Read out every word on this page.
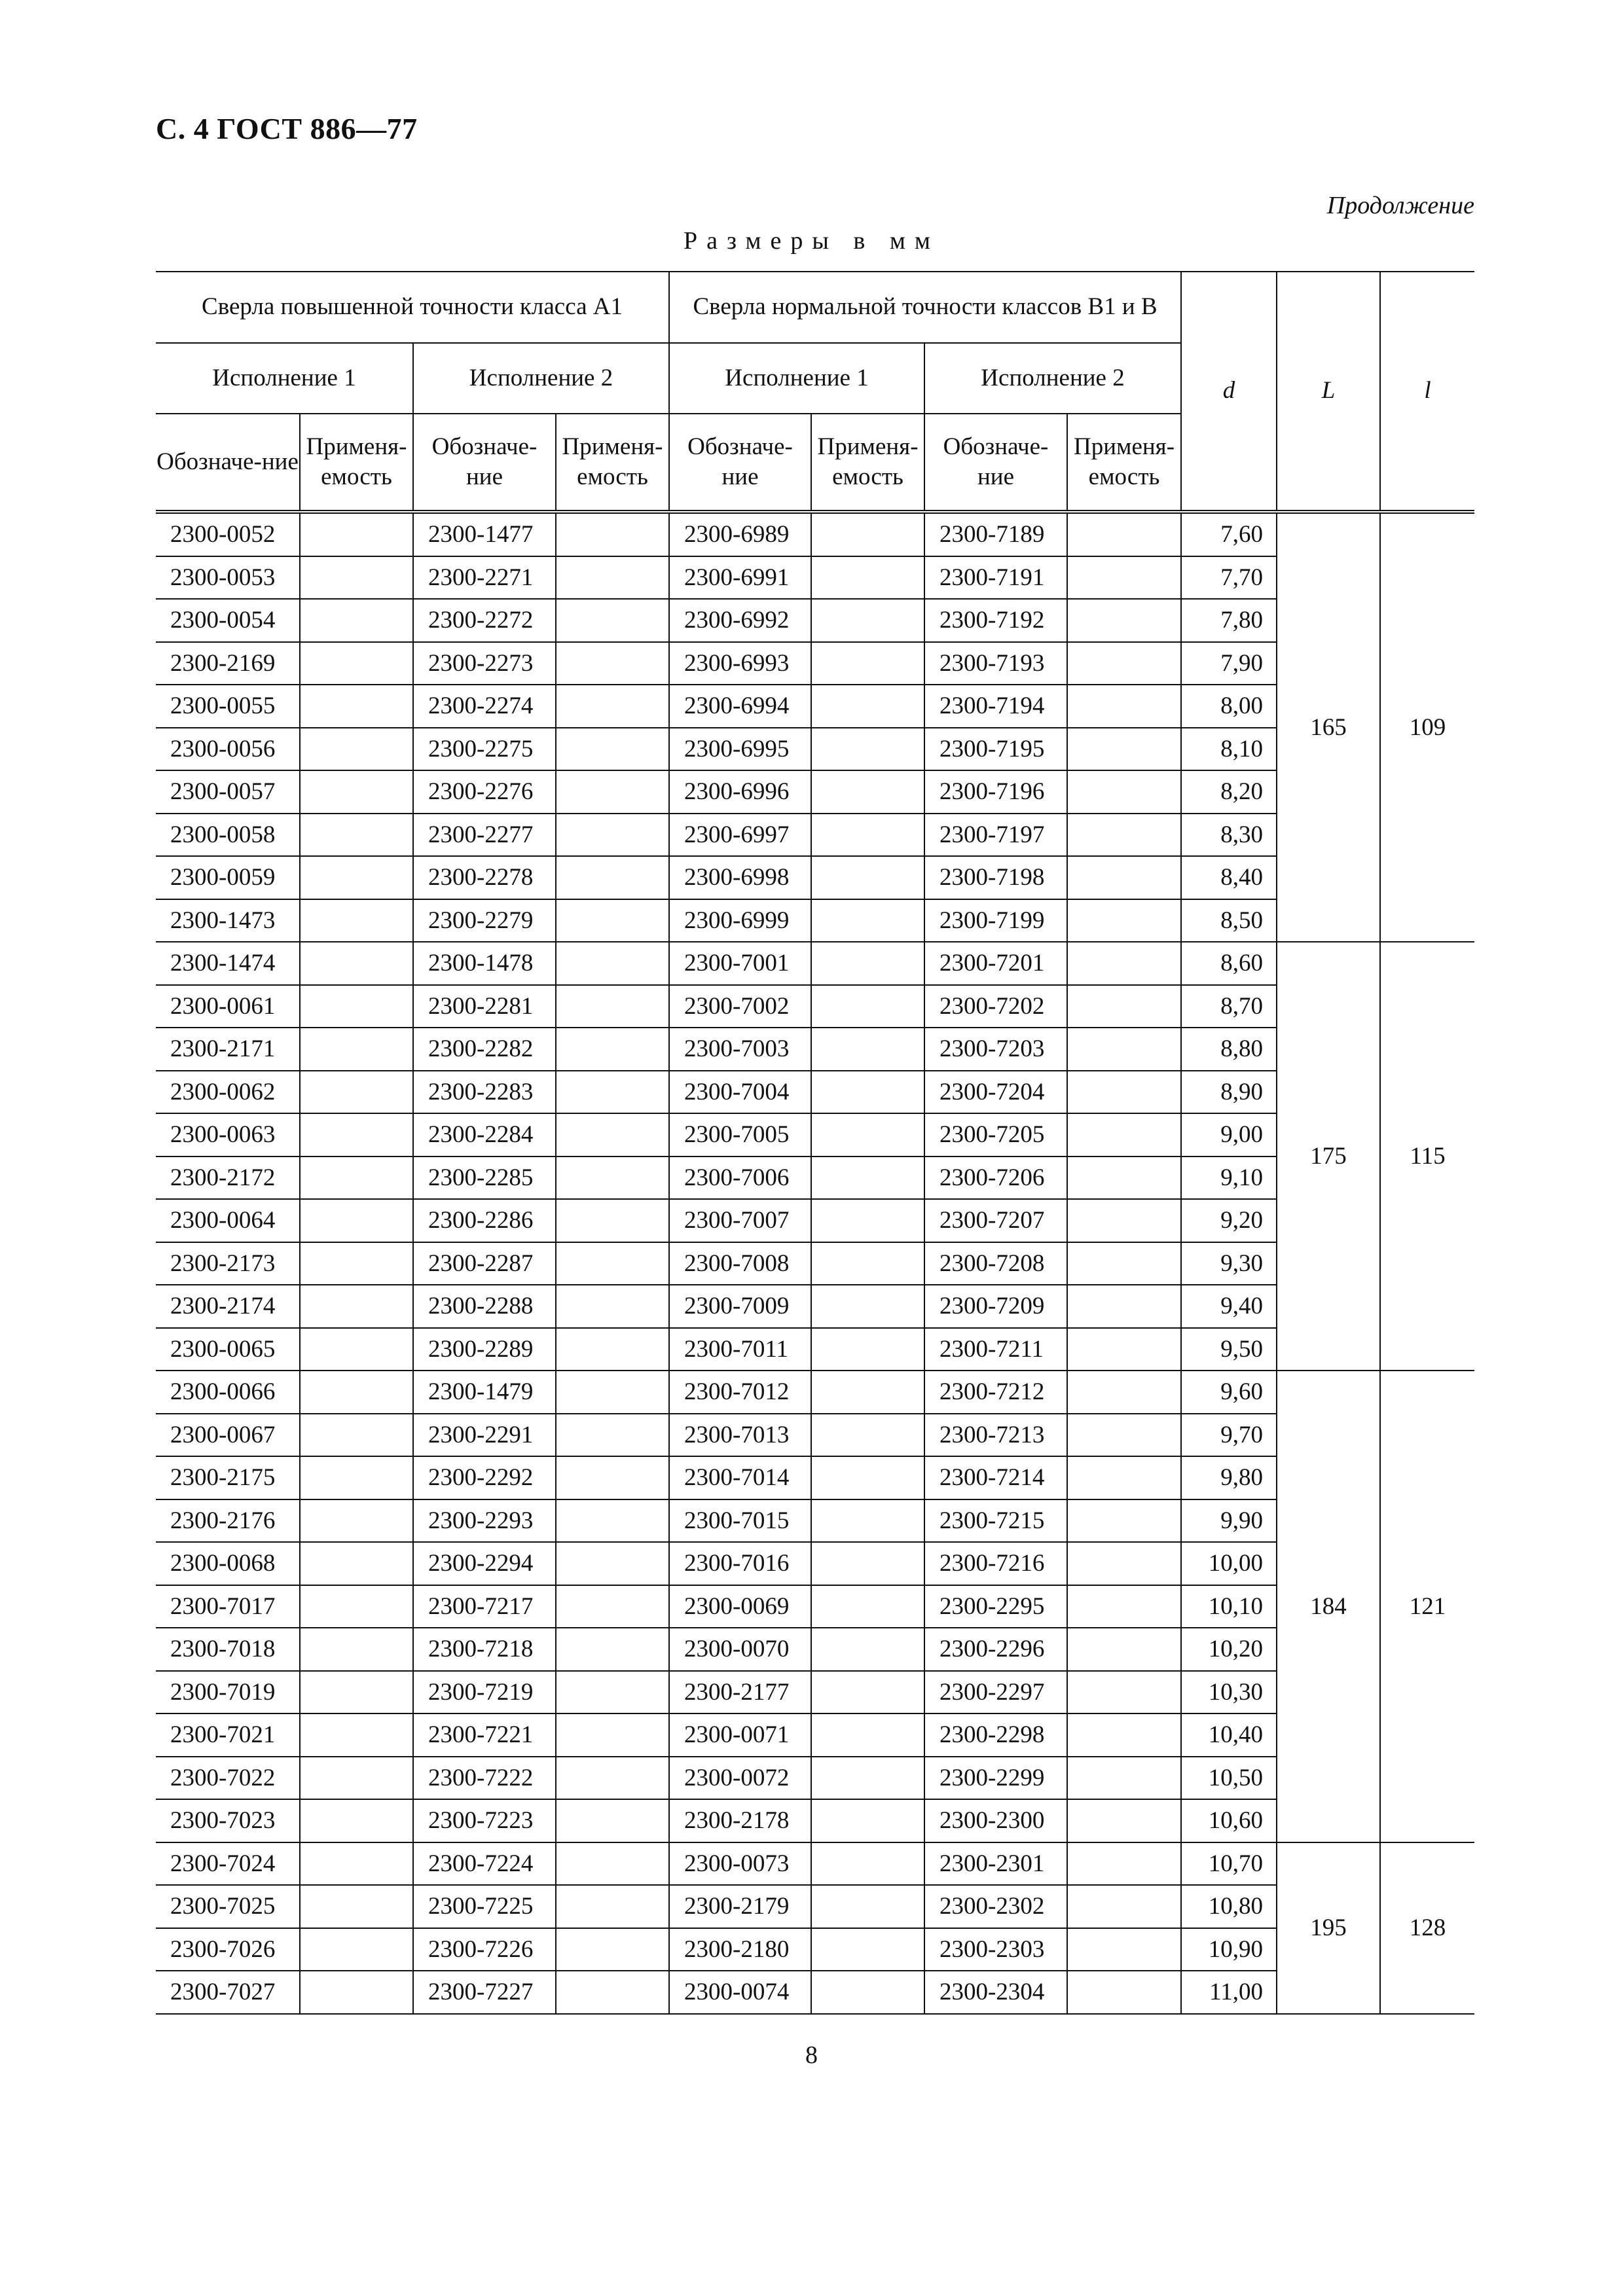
С. 4 ГОСТ 886—77
Продолжение
Размеры в мм
Сверла повышенной точности класса А1				Сверла нормальной точности классов В1 и В				d	L	l
Исполнение 1		Исполнение 2		Исполнение 1		Исполнение 2				
Обозначе-ние	Применя-емость	Обозначе-ние	Применя-емость	Обозначе-ние	Применя-емость	Обозначе-ние	Применя-емость			
2300-0052		2300-1477		2300-6989		2300-7189		7,60	165	109
2300-0053		2300-2271		2300-6991		2300-7191		7,70		
2300-0054		2300-2272		2300-6992		2300-7192		7,80		
2300-2169		2300-2273		2300-6993		2300-7193		7,90		
2300-0055		2300-2274		2300-6994		2300-7194		8,00		
2300-0056		2300-2275		2300-6995		2300-7195		8,10		
2300-0057		2300-2276		2300-6996		2300-7196		8,20		
2300-0058		2300-2277		2300-6997		2300-7197		8,30		
2300-0059		2300-2278		2300-6998		2300-7198		8,40		
2300-1473		2300-2279		2300-6999		2300-7199		8,50		
2300-1474		2300-1478		2300-7001		2300-7201		8,60	175	115
2300-0061		2300-2281		2300-7002		2300-7202		8,70		
2300-2171		2300-2282		2300-7003		2300-7203		8,80		
2300-0062		2300-2283		2300-7004		2300-7204		8,90		
2300-0063		2300-2284		2300-7005		2300-7205		9,00		
2300-2172		2300-2285		2300-7006		2300-7206		9,10		
2300-0064		2300-2286		2300-7007		2300-7207		9,20		
2300-2173		2300-2287		2300-7008		2300-7208		9,30		
2300-2174		2300-2288		2300-7009		2300-7209		9,40		
2300-0065		2300-2289		2300-7011		2300-7211		9,50		
2300-0066		2300-1479		2300-7012		2300-7212		9,60	184	121
2300-0067		2300-2291		2300-7013		2300-7213		9,70		
2300-2175		2300-2292		2300-7014		2300-7214		9,80		
2300-2176		2300-2293		2300-7015		2300-7215		9,90		
2300-0068		2300-2294		2300-7016		2300-7216		10,00		
2300-7017		2300-7217		2300-0069		2300-2295		10,10		
2300-7018		2300-7218		2300-0070		2300-2296		10,20		
2300-7019		2300-7219		2300-2177		2300-2297		10,30		
2300-7021		2300-7221		2300-0071		2300-2298		10,40		
2300-7022		2300-7222		2300-0072		2300-2299		10,50		
2300-7023		2300-7223		2300-2178		2300-2300		10,60		
2300-7024		2300-7224		2300-0073		2300-2301		10,70	195	128
2300-7025		2300-7225		2300-2179		2300-2302		10,80		
2300-7026		2300-7226		2300-2180		2300-2303		10,90		
2300-7027		2300-7227		2300-0074		2300-2304		11,00		
8
